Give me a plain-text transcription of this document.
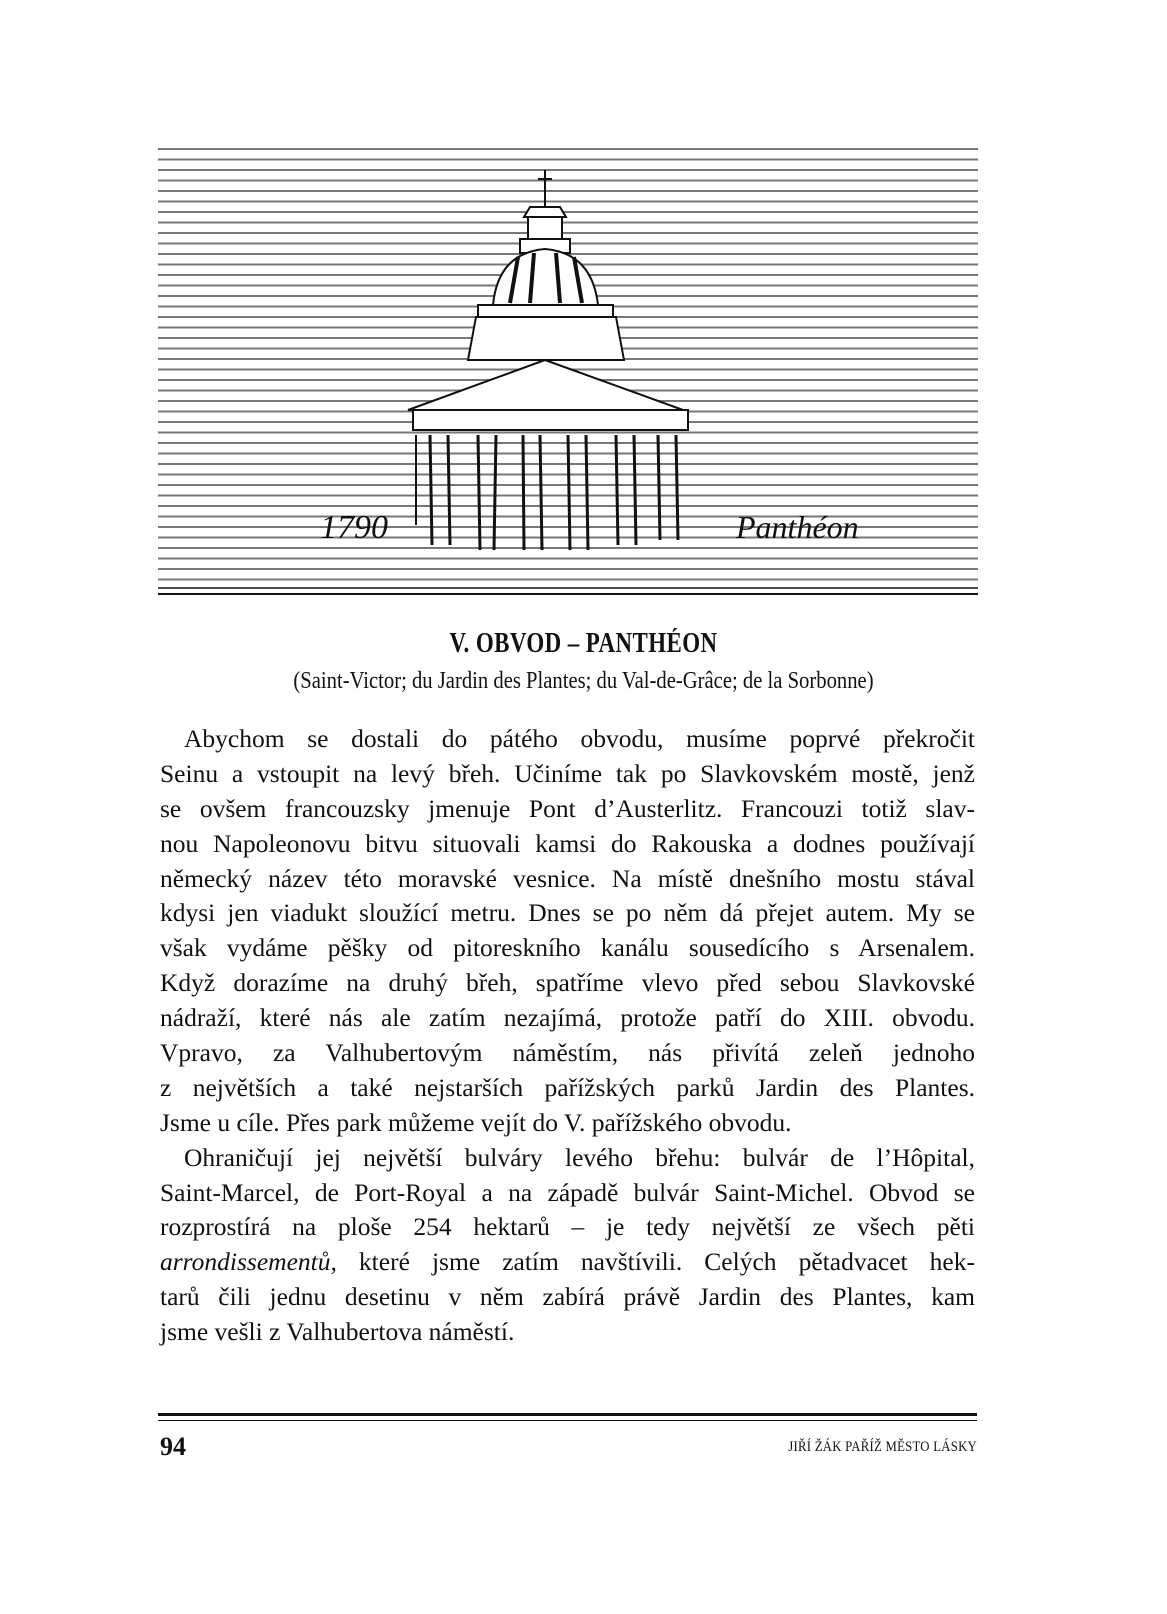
1790	Panthéon
V. OBVOD – PANTHÉON
(Saint-Victor; du Jardin des Plantes; du Val-de-Grâce; de la Sorbonne)
Abychom se dostali do pátého obvodu, musíme poprvé překročit
Seinu a vstoupit na levý břeh. Učiníme tak po Slavkovském mostě, jenž
se ovšem francouzsky jmenuje Pont d’Austerlitz. Francouzi totiž slav-
nou Napoleonovu bitvu situovali kamsi do Rakouska a dodnes používají
německý název této moravské vesnice. Na místě dnešního mostu stával
kdysi jen viadukt sloužící metru. Dnes se po něm dá přejet autem. My se
však vydáme pěšky od pitoreskního kanálu sousedícího s Arsenalem.
Když dorazíme na druhý břeh, spatříme vlevo před sebou Slavkovské
nádraží, které nás ale zatím nezajímá, protože patří do XIII. obvodu.
Vpravo, za Valhubertovým náměstím, nás přivítá zeleň jednoho
z největších a také nejstarších pařížských parků Jardin des Plantes.
Jsme u cíle. Přes park můžeme vejít do V. pařížského obvodu.
Ohraničují jej největší bulváry levého břehu: bulvár de l’Hôpital,
Saint-Marcel, de Port-Royal a na západě bulvár Saint-Michel. Obvod se
rozprostírá na ploše 254 hektarů – je tedy největší ze všech pěti
arrondissementů, které jsme zatím navštívili. Celých pětadvacet hek-
tarů čili jednu desetinu v něm zabírá právě Jardin des Plantes, kam
jsme vešli z Valhubertova náměstí.
94	JIŘÍ ŽÁK PAŘÍŽ MĚSTO LÁSKY
